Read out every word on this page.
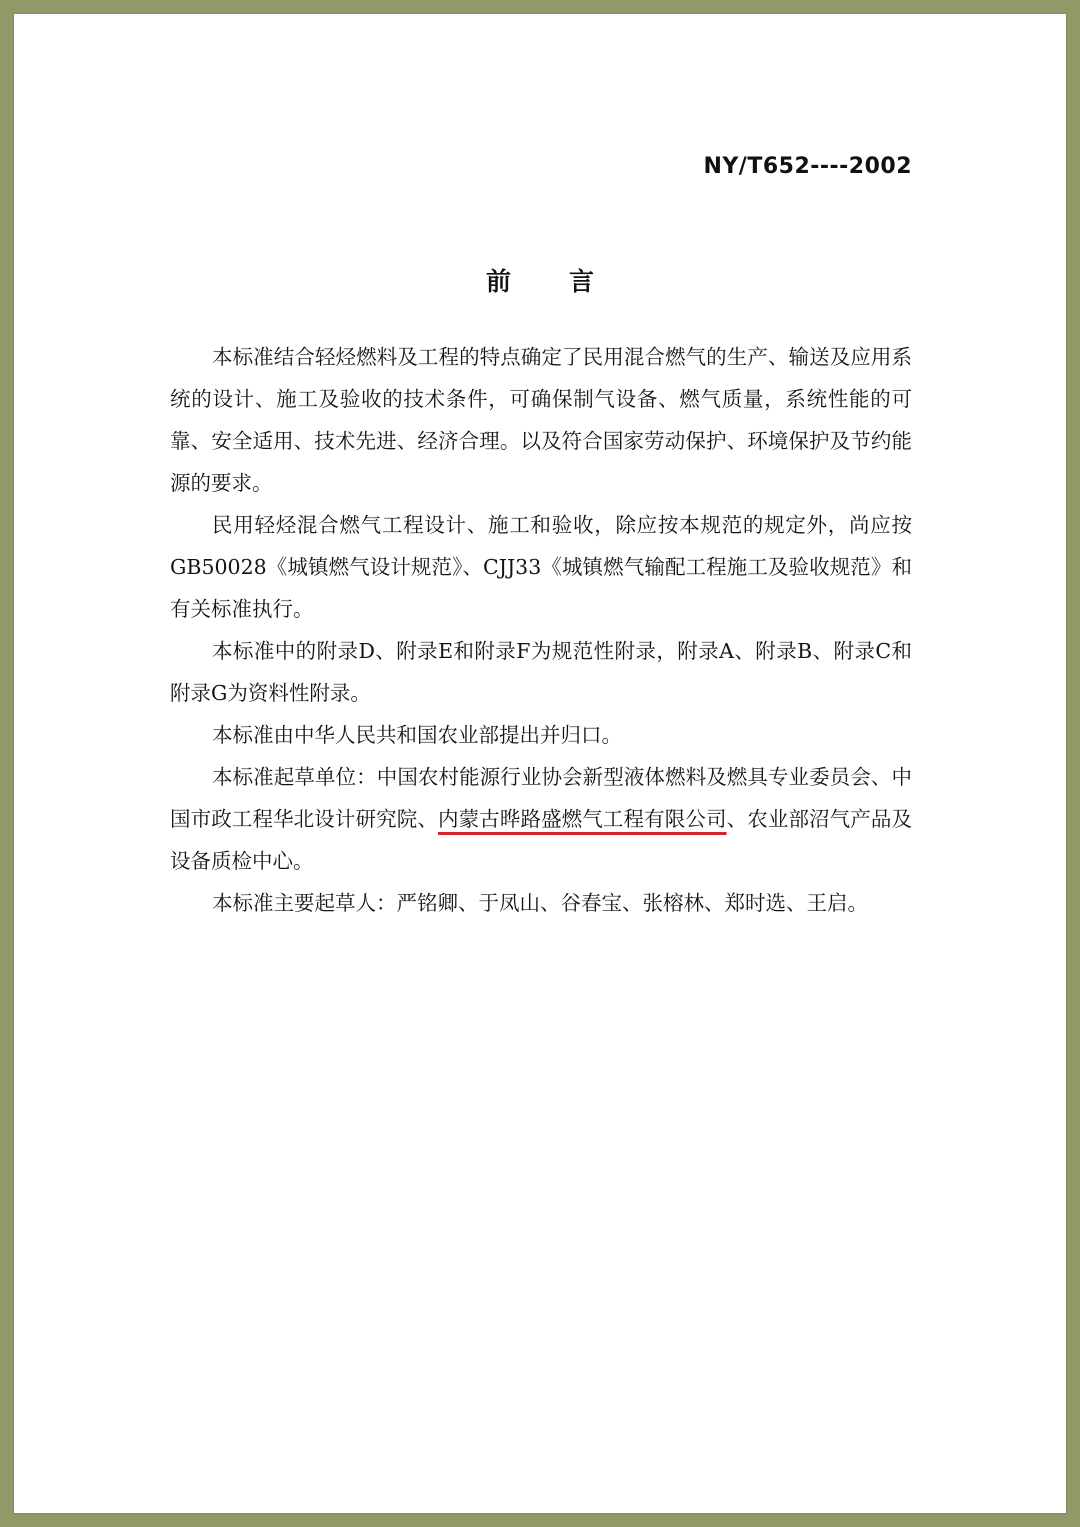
NY/T652----2002
前言

本标准结合轻烃燃料及工程的特点确定了民用混合燃气的生产、输送及应用系统的设计、施工及验收的技术条件，可确保制气设备、燃气质量，系统性能的可靠、安全适用、技术先进、经济合理。以及符合国家劳动保护、环境保护及节约能源的要求。

民用轻烃混合燃气工程设计、施工和验收，除应按本规范的规定外，尚应按GB50028《城镇燃气设计规范》、CJJ33《城镇燃气输配工程施工及验收规范》和有关标准执行。

本标准中的附录D、附录E和附录F为规范性附录，附录A、附录B、附录C和附录G为资料性附录。

本标准由中华人民共和国农业部提出并归口。

本标准起草单位：中国农村能源行业协会新型液体燃料及燃具专业委员会、中国市政工程华北设计研究院、内蒙古晔路盛燃气工程有限公司、农业部沼气产品及设备质检中心。

本标准主要起草人：严铭卿、于凤山、谷春宝、张榕林、郑时选、王启。
